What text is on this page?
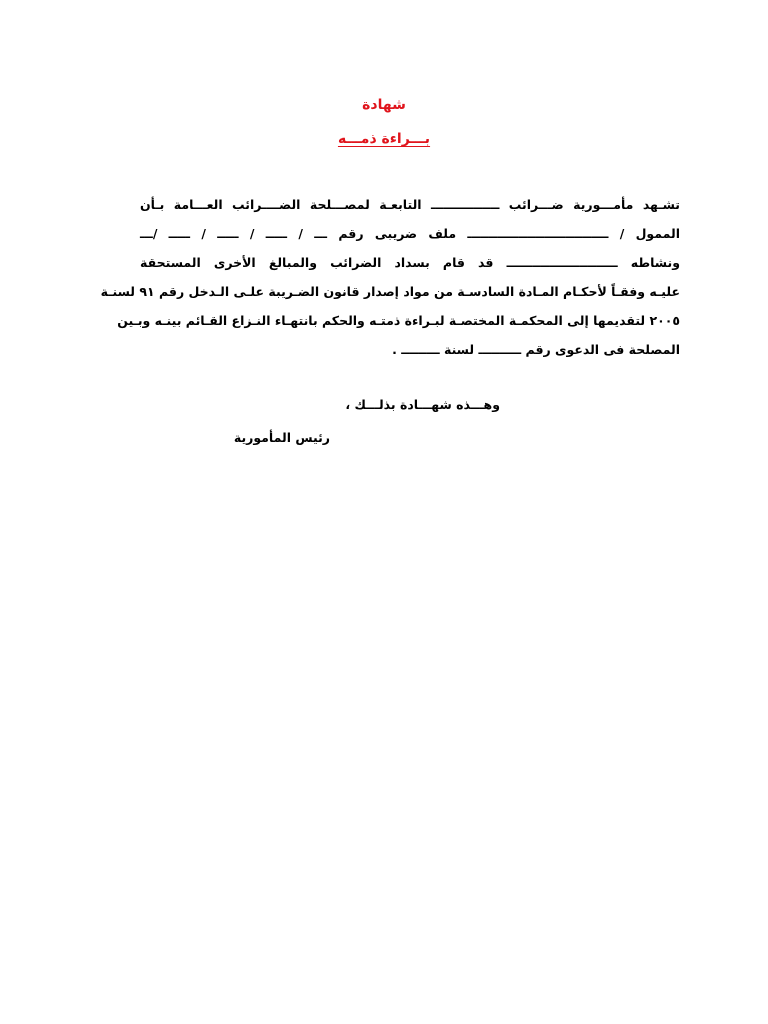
شهادة
بـــراءة ذمـــه
تشـهد مأمـــورية ضـــرائب ــــــــــــــــ التابعـة لمصـــلحة الضــــرائب العـــامة بـأن
الممول / ـــــــــــــــــــــــــــــــــ ملف ضريبى رقم ـــ / ـــــ / ـــــ / ـــــ /ـــ
ونشاطه ــــــــــــــــــــــــــ قد قام بسداد الضرائب والمبالغ الأخرى المستحقة
عليـه وفقـاً لأحكـام المـادة السادسـة من مواد إصدار قانون الضـريبة علـى الـدخل رقم ٩١ لسنـة
٢٠٠٥ لتقديمها إلى المحكمـة المختصـة لبـراءة ذمتـه والحكم بانتهـاء النـزاع القـائم بينـه وبـين
المصلحة فى الدعوى رقم ــــــــــ لسنة ـــــــــ .
وهـــذه شهـــادة بذلـــك ،
رئيس المأمورية
